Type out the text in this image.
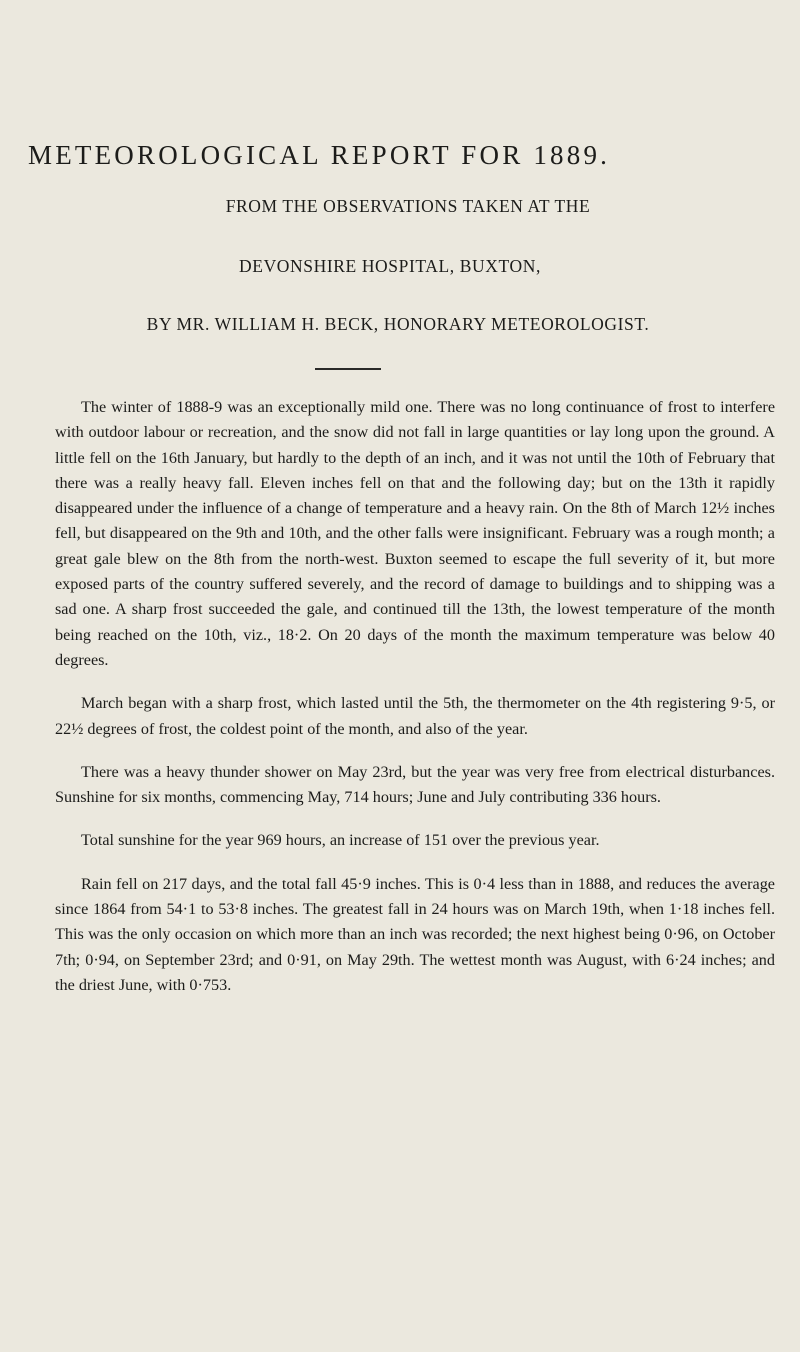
METEOROLOGICAL REPORT FOR 1889.

FROM THE OBSERVATIONS TAKEN AT THE

DEVONSHIRE HOSPITAL, BUXTON,

BY MR. WILLIAM H. BECK, HONORARY METEOROLOGIST.

The winter of 1888-9 was an exceptionally mild one. There was no long continuance of frost to interfere with outdoor labour or recreation, and the snow did not fall in large quantities or lay long upon the ground. A little fell on the 16th January, but hardly to the depth of an inch, and it was not until the 10th of February that there was a really heavy fall. Eleven inches fell on that and the following day; but on the 13th it rapidly disappeared under the influence of a change of temperature and a heavy rain. On the 8th of March 12½ inches fell, but disappeared on the 9th and 10th, and the other falls were insignificant. February was a rough month; a great gale blew on the 8th from the north-west. Buxton seemed to escape the full severity of it, but more exposed parts of the country suffered severely, and the record of damage to buildings and to shipping was a sad one. A sharp frost succeeded the gale, and continued till the 13th, the lowest temperature of the month being reached on the 10th, viz., 18·2. On 20 days of the month the maximum temperature was below 40 degrees.

March began with a sharp frost, which lasted until the 5th, the thermometer on the 4th registering 9·5, or 22½ degrees of frost, the coldest point of the month, and also of the year.

There was a heavy thunder shower on May 23rd, but the year was very free from electrical disturbances. Sunshine for six months, commencing May, 714 hours; June and July contributing 336 hours.

Total sunshine for the year 969 hours, an increase of 151 over the previous year.

Rain fell on 217 days, and the total fall 45·9 inches. This is 0·4 less than in 1888, and reduces the average since 1864 from 54·1 to 53·8 inches. The greatest fall in 24 hours was on March 19th, when 1·18 inches fell. This was the only occasion on which more than an inch was recorded; the next highest being 0·96, on October 7th; 0·94, on September 23rd; and 0·91, on May 29th. The wettest month was August, with 6·24 inches; and the driest June, with 0·753.
